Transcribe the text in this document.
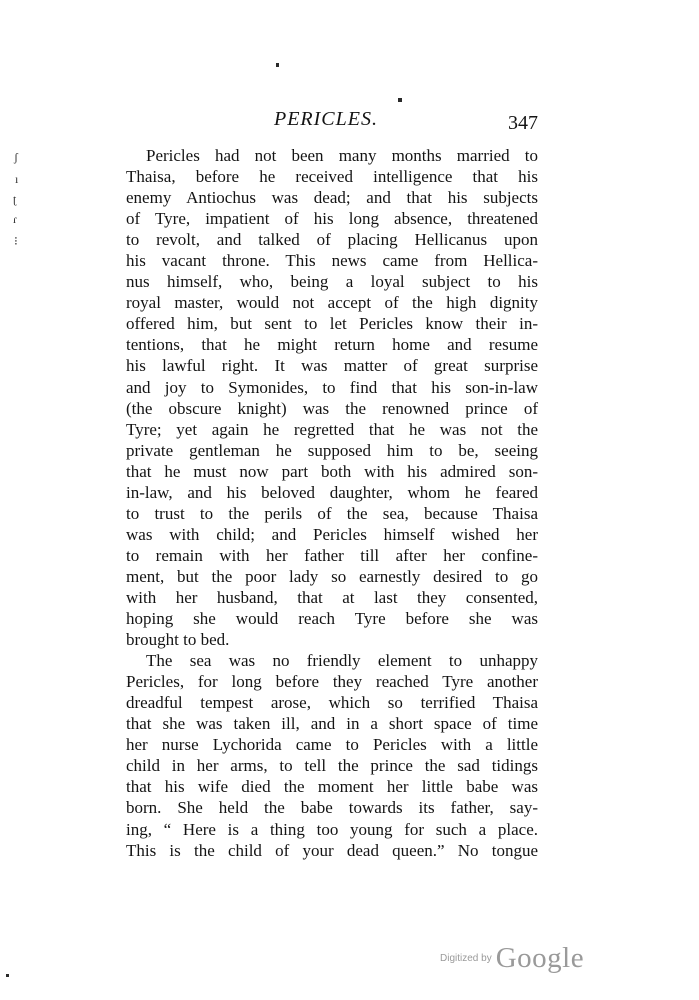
ʃ
ı
ʈ
ɾ
⁝
PERICLES.	347
Pericles had not been many months married to
Thaisa, before he received intelligence that his
enemy Antiochus was dead; and that his subjects
of Tyre, impatient of his long absence, threatened
to revolt, and talked of placing Hellicanus upon
his vacant throne. This news came from Hellica-
nus himself, who, being a loyal subject to his
royal master, would not accept of the high dignity
offered him, but sent to let Pericles know their in-
tentions, that he might return home and resume
his lawful right. It was matter of great surprise
and joy to Symonides, to find that his son-in-law
(the obscure knight) was the renowned prince of
Tyre; yet again he regretted that he was not the
private gentleman he supposed him to be, seeing
that he must now part both with his admired son-
in-law, and his beloved daughter, whom he feared
to trust to the perils of the sea, because Thaisa
was with child; and Pericles himself wished her
to remain with her father till after her confine-
ment, but the poor lady so earnestly desired to go
with her husband, that at last they consented,
hoping she would reach Tyre before she was
brought to bed.
The sea was no friendly element to unhappy
Pericles, for long before they reached Tyre another
dreadful tempest arose, which so terrified Thaisa
that she was taken ill, and in a short space of time
her nurse Lychorida came to Pericles with a little
child in her arms, to tell the prince the sad tidings
that his wife died the moment her little babe was
born. She held the babe towards its father, say-
ing, “ Here is a thing too young for such a place.
This is the child of your dead queen.” No tongue
Digitized by Google
